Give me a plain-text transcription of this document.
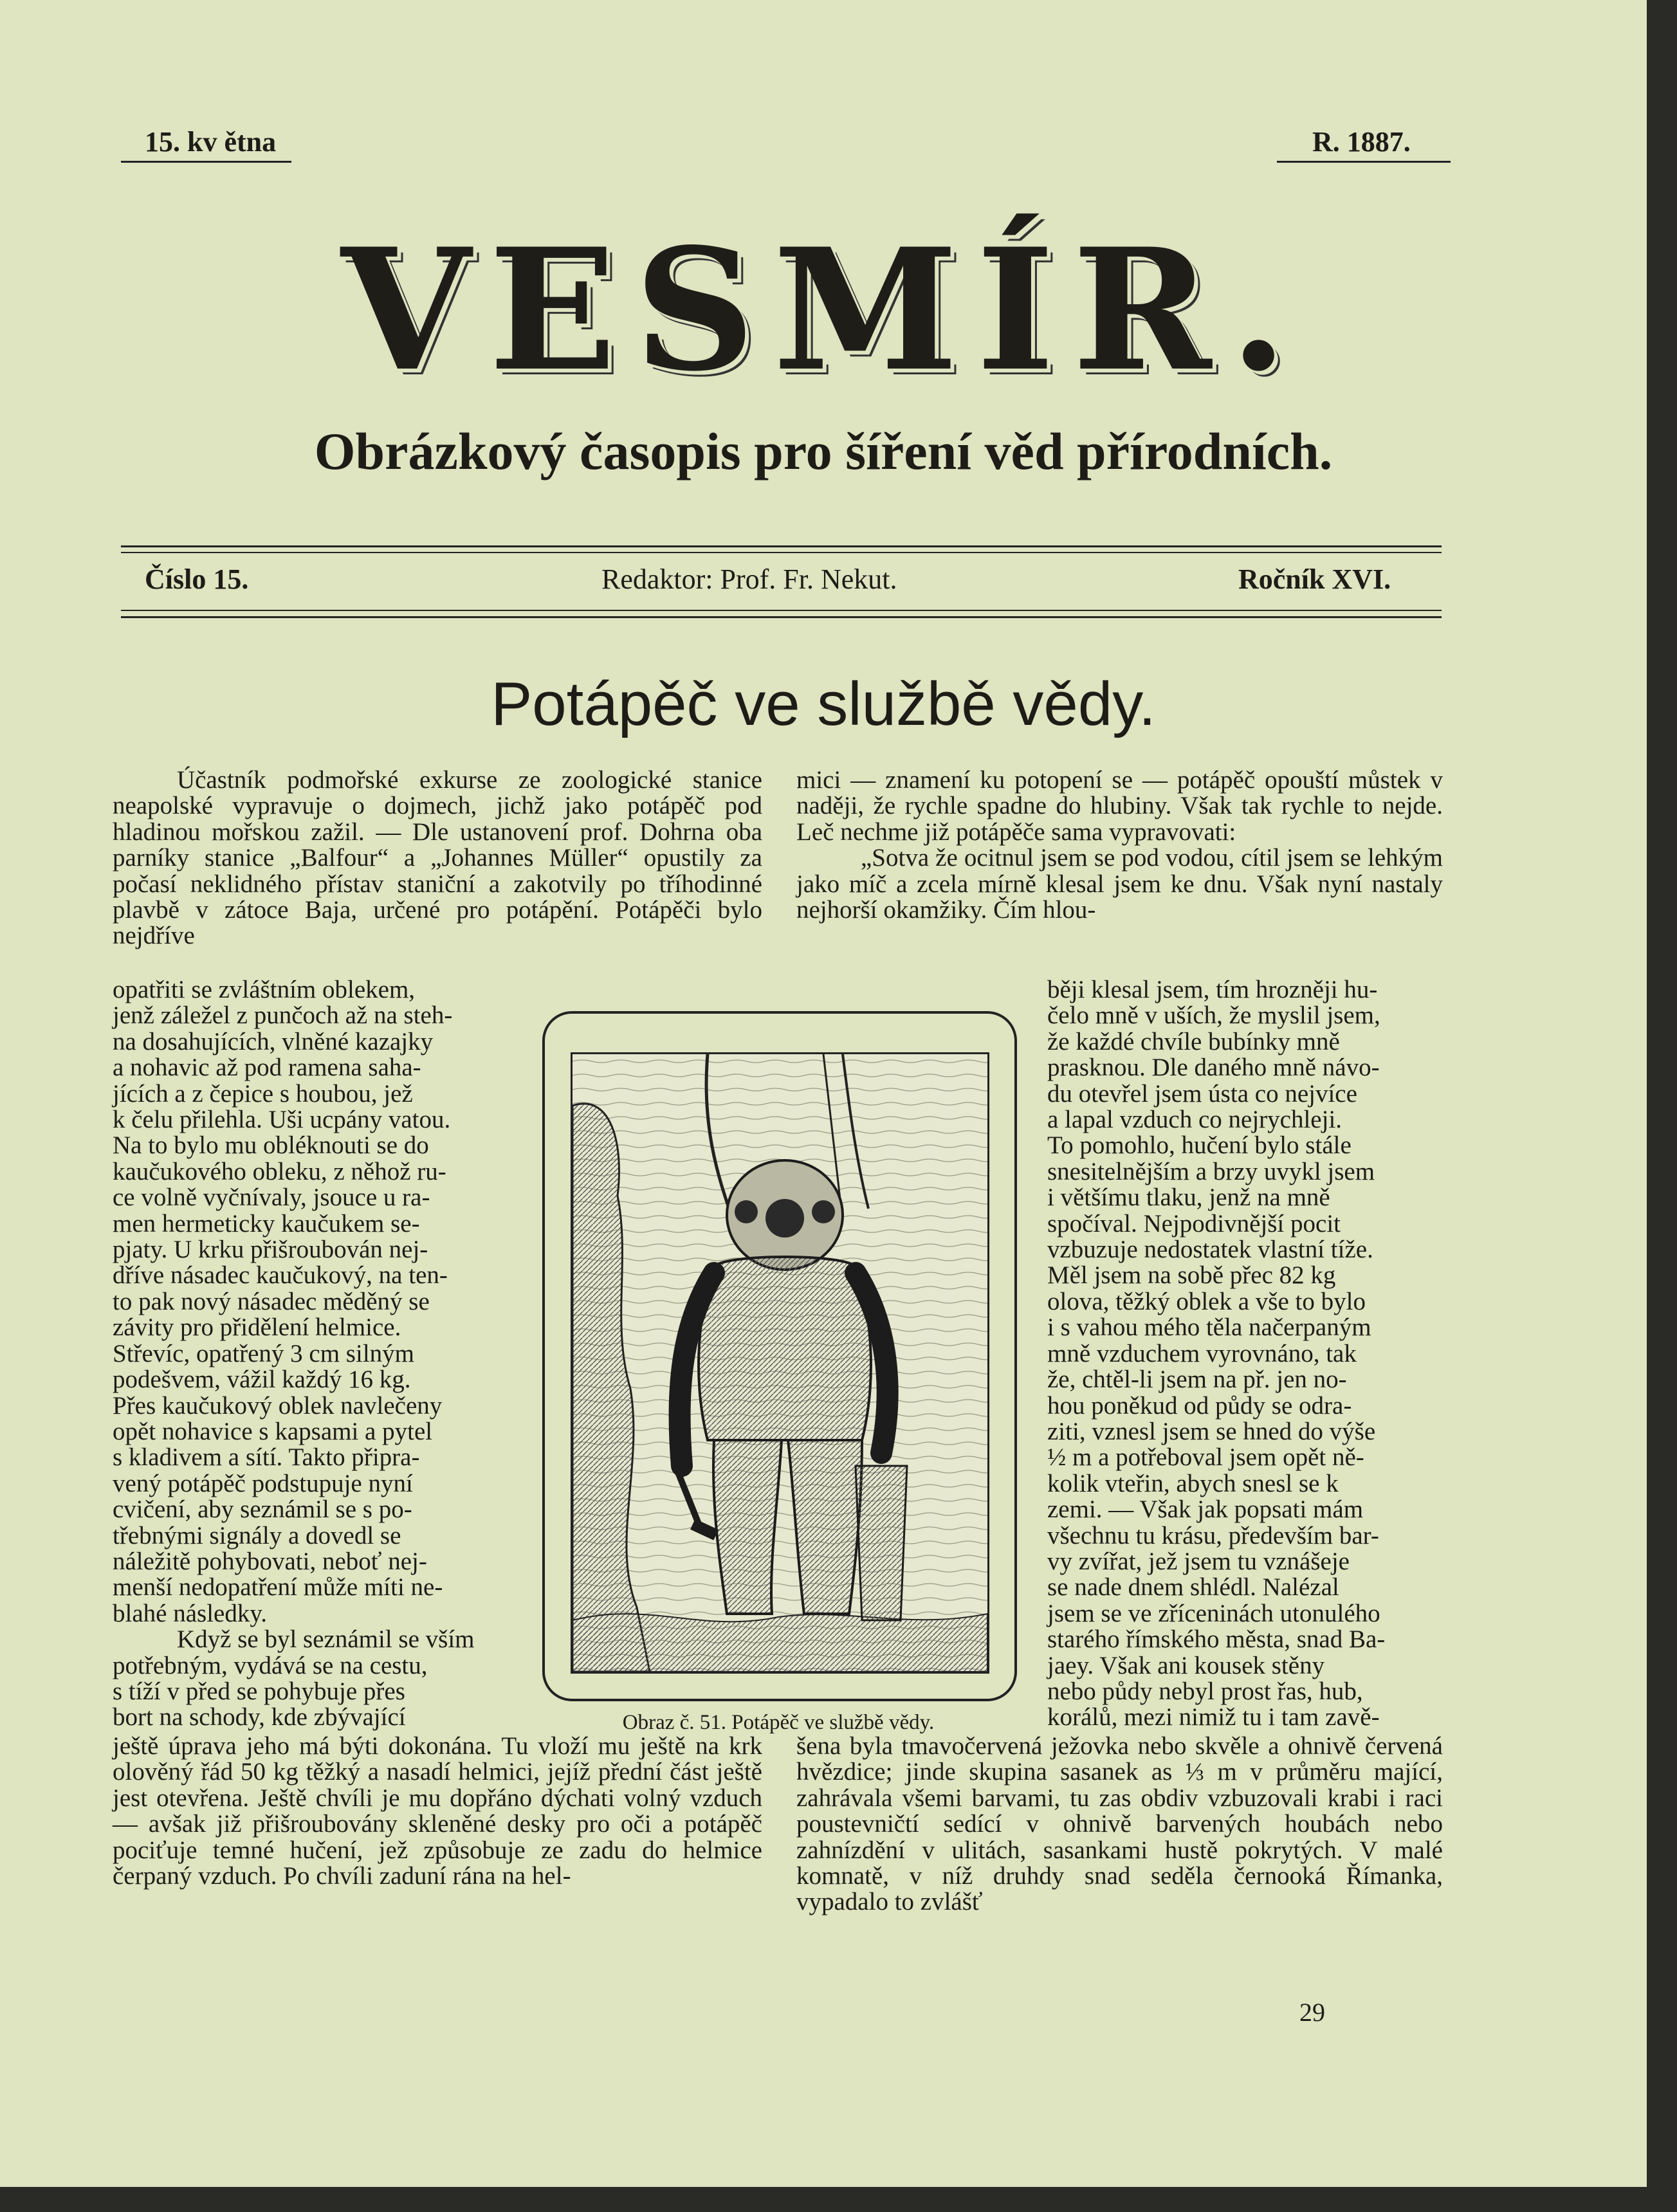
15. kv ětna	R. 1887.
VESMÍR.
Obrázkový časopis pro šíření věd přírodních.
Číslo 15.	Redaktor: Prof. Fr. Nekut.	Ročník XVI.
Potápěč ve službě vědy.

Účastník podmořské exkurse ze zoologické stanice neapolské vypravuje o dojmech, jichž jako potápěč pod hladinou mořskou zažil. — Dle ustanovení prof. Dohrna oba parníky stanice „Balfour“ a „Johannes Müller“ opustily za počasí neklidného přístav staniční a zakotvily po tříhodinné plavbě v zátoce Baja, určené pro potápění. Potápěči bylo nejdříve

mici — znamení ku potopení se — potápěč opouští můstek v naději, že rychle spadne do hlubiny. Však tak rychle to nejde. Leč nechme již potápěče sama vypravovati:

„Sotva že ocitnul jsem se pod vodou, cítil jsem se lehkým jako míč a zcela mírně klesal jsem ke dnu. Však nyní nastaly nejhorší okamžiky. Čím hlou-

opatřiti se zvláštním oblekem,
jenž záležel z punčoch až na steh-
na dosahujících, vlněné kazajky
a nohavic až pod ramena saha-
jících a z čepice s houbou, jež
k čelu přilehla. Uši ucpány vatou.
Na to bylo mu obléknouti se do
kaučukového obleku, z něhož ru-
ce volně vyčnívaly, jsouce u ra-
men hermeticky kaučukem se-
pjaty. U krku přišroubován nej-
dříve násadec kaučukový, na ten-
to pak nový násadec měděný se
závity pro přidělení helmice.
Střevíc, opatřený 3 cm silným
podešvem, vážil každý 16 kg.
Přes kaučukový oblek navlečeny
opět nohavice s kapsami a pytel
s kladivem a sítí. Takto připra-
vený potápěč podstupuje nyní
cvičení, aby seznámil se s po-
třebnými signály a dovedl se
náležitě pohybovati, neboť nej-
menší nedopatření může míti ne-
blahé následky.
Když se byl seznámil se vším
potřebným, vydává se na cestu,
s tíží v před se pohybuje přes
bort na schody, kde zbývající
běji klesal jsem, tím hrozněji hu-
čelo mně v uších, že myslil jsem,
že každé chvíle bubínky mně
prasknou. Dle daného mně návo-
du otevřel jsem ústa co nejvíce
a lapal vzduch co nejrychleji.
To pomohlo, hučení bylo stále
snesitelnějším a brzy uvykl jsem
i většímu tlaku, jenž na mně
spočíval. Nejpodivnější pocit
vzbuzuje nedostatek vlastní tíže.
Měl jsem na sobě přec 82 kg
olova, těžký oblek a vše to bylo
i s vahou mého těla načerpaným
mně vzduchem vyrovnáno, tak
že, chtěl-li jsem na př. jen no-
hou poněkud od půdy se odra-
ziti, vznesl jsem se hned do výše
½ m a potřeboval jsem opět ně-
kolik vteřin, abych snesl se k
zemi. — Však jak popsati mám
všechnu tu krásu, především bar-
vy zvířat, jež jsem tu vznášeje
se nade dnem shlédl. Nalézal
jsem se ve zříceninách utonulého
starého římského města, snad Ba-
jaey. Však ani kousek stěny
nebo půdy nebyl prost řas, hub,
korálů, mezi nimiž tu i tam zavě-
Obraz č. 51. Potápěč ve službě vědy.

ještě úprava jeho má býti dokonána. Tu vloží mu ještě na krk olověný řád 50 kg těžký a nasadí helmici, jejíž přední část ještě jest otevřena. Ještě chvíli je mu dopřáno dýchati volný vzduch — avšak již přišroubovány skleněné desky pro oči a potápěč pociťuje temné hučení, jež způsobuje ze zadu do helmice čerpaný vzduch. Po chvíli zaduní rána na hel-

šena byla tmavočervená ježovka nebo skvěle a ohnivě červená hvězdice; jinde skupina sasanek as ⅓ m v průměru mající, zahrávala všemi barvami, tu zas obdiv vzbuzovali krabi i raci poustevničtí sedící v ohnivě barvených houbách nebo zahnízdění v ulitách, sasankami hustě pokrytých. V malé komnatě, v níž druhdy snad seděla černooká Římanka, vypadalo to zvlášť

29
